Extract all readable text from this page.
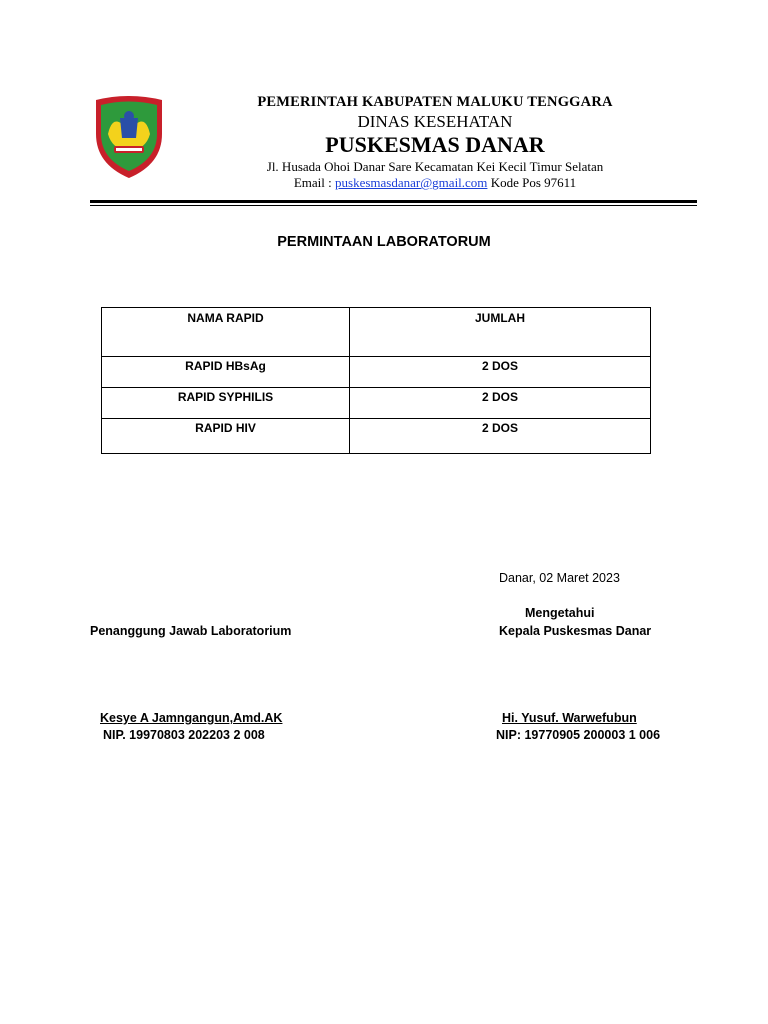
PEMERINTAH KABUPATEN MALUKU TENGGARA
DINAS KESEHATAN
PUSKESMAS DANAR
Jl. Husada Ohoi Danar Sare Kecamatan Kei Kecil Timur Selatan
Email : puskesmasdanar@gmail.com Kode Pos 97611
PERMINTAAN LABORATORUM
NAMA RAPID	JUMLAH
RAPID HBsAg	2 DOS
RAPID SYPHILIS	2 DOS
RAPID HIV	2 DOS
Danar, 02 Maret 2023
Mengetahui
Penanggung Jawab Laboratorium	Kepala Puskesmas Danar
Kesye A Jamngangun,Amd.AK
NIP. 19970803 202203 2 008
Hi. Yusuf. Warwefubun
NIP: 19770905 200003 1 006
